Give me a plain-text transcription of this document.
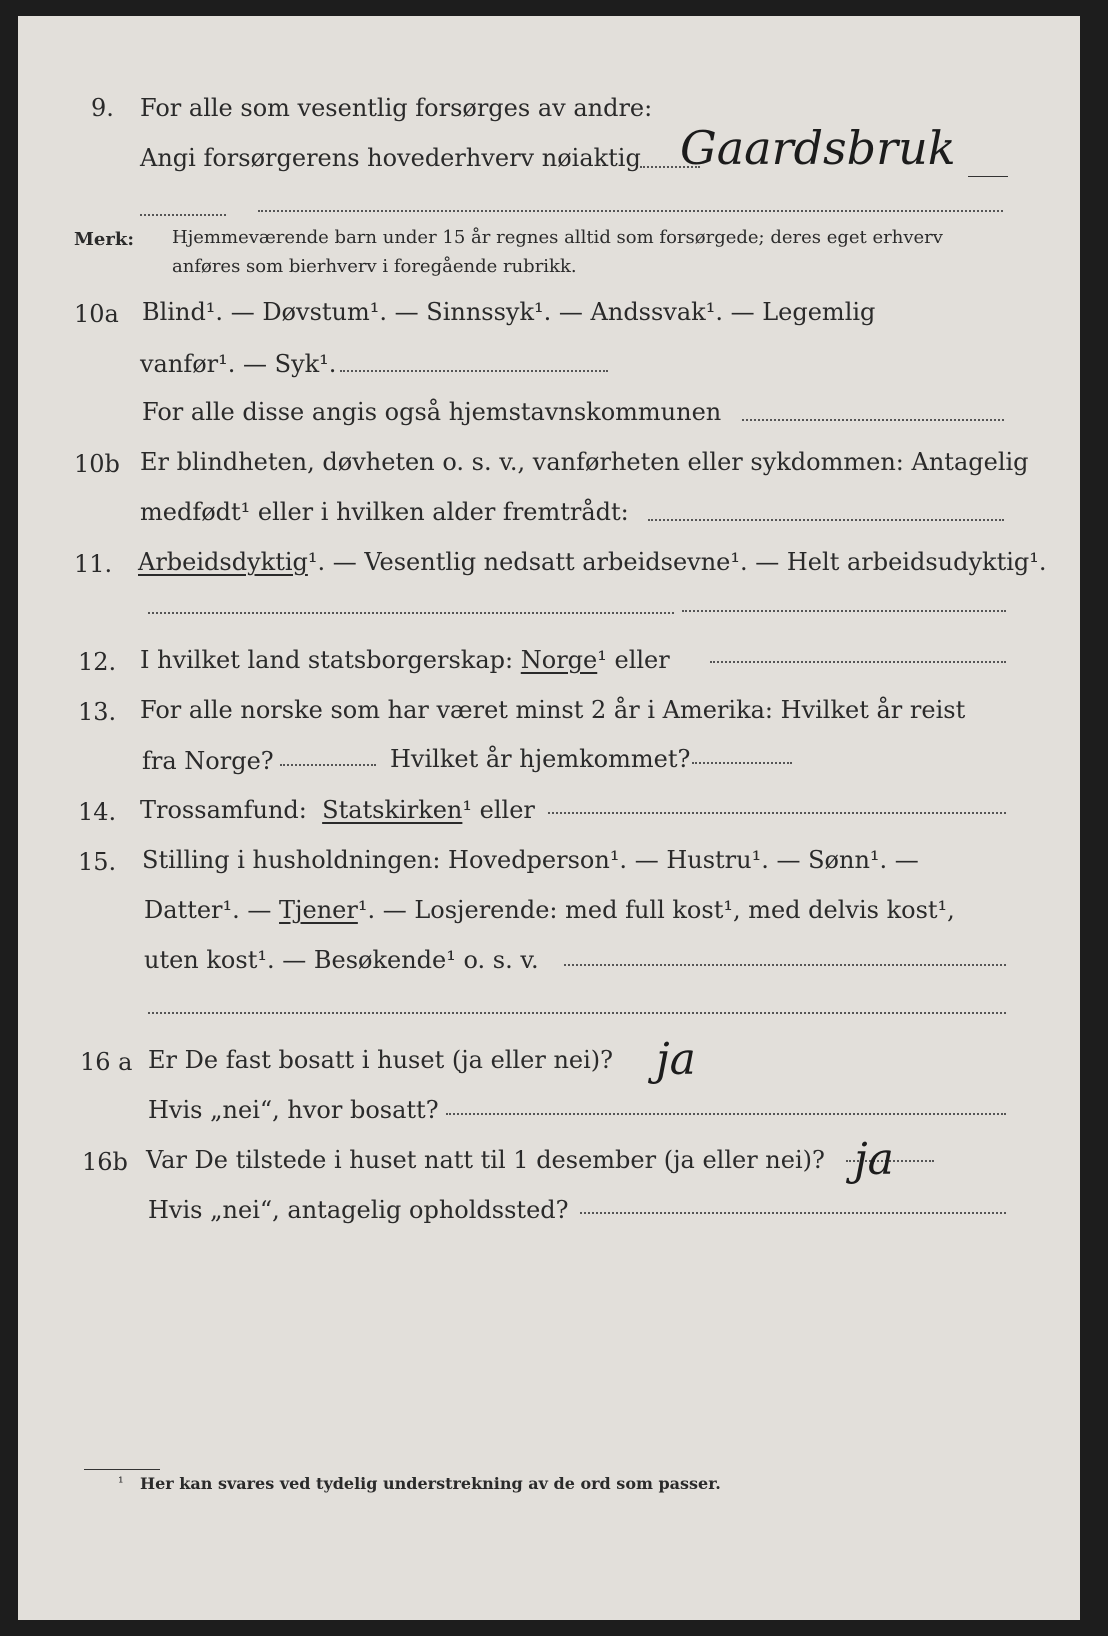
9. For alle som vesentlig forsørges av andre:
Angi forsørgerens hovederhverv nøiaktig Gaardsbruk
Merk: Hjemmeværende barn under 15 år regnes alltid som forsørgede; deres eget erhverv
anføres som bierhverv i foregående rubrikk.
10a Blind¹. — Døvstum¹. — Sinnssyk¹. — Andssvak¹. — Legemlig
vanfør¹. — Syk¹.
For alle disse angis også hjemstavnskommunen
10b Er blindheten, døvheten o. s. v., vanførheten eller sykdommen: Antagelig
medfødt¹ eller i hvilken alder fremtrådt:
11. Arbeidsdyktig¹. — Vesentlig nedsatt arbeidsevne¹. — Helt arbeidsudyktig¹.
12. I hvilket land statsborgerskap: Norge¹ eller
13. For alle norske som har været minst 2 år i Amerika: Hvilket år reist
fra Norge?	Hvilket år hjemkommet?
14. Trossamfund: Statskirken¹ eller
15. Stilling i husholdningen: Hovedperson¹. — Hustru¹. — Sønn¹. —
Datter¹. — Tjener¹. — Losjerende: med full kost¹, med delvis kost¹,
uten kost¹. — Besøkende¹ o. s. v.
16 a Er De fast bosatt i huset (ja eller nei)? ja
Hvis „nei“, hvor bosatt?
16b Var De tilstede i huset natt til 1 desember (ja eller nei)? ja
Hvis „nei“, antagelig opholdssted?
¹ Her kan svares ved tydelig understrekning av de ord som passer.
